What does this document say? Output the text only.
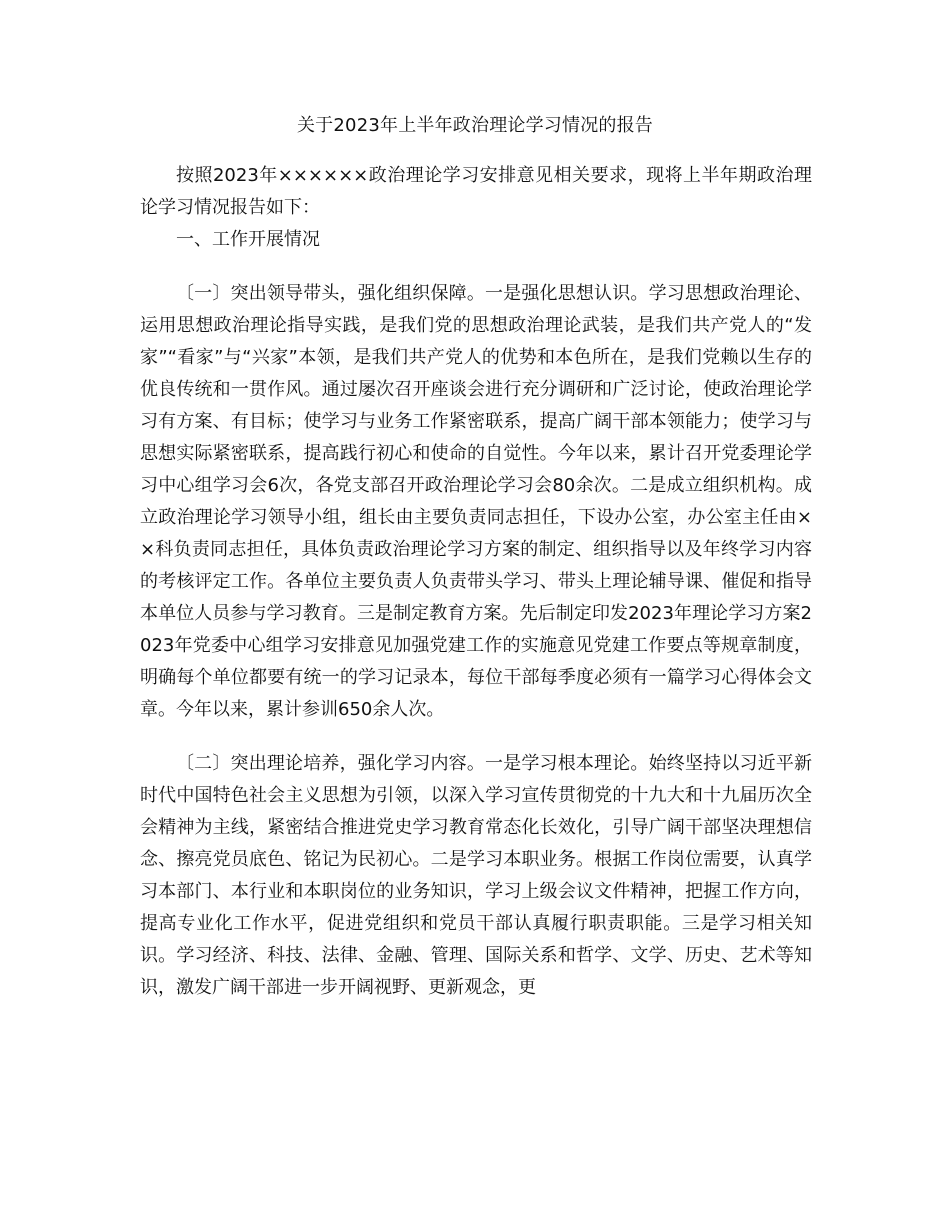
关于2023年上半年政治理论学习情况的报告

按照2023年××××××政治理论学习安排意见相关要求，现将上半年期政治理论学习情况报告如下：

一、工作开展情况

〔一〕突出领导带头，强化组织保障。一是强化思想认识。学习思想政治理论、运用思想政治理论指导实践，是我们党的思想政治理论武装，是我们共产党人的“发家”“看家”与“兴家”本领，是我们共产党人的优势和本色所在，是我们党赖以生存的优良传统和一贯作风。通过屡次召开座谈会进行充分调研和广泛讨论，使政治理论学习有方案、有目标；使学习与业务工作紧密联系，提高广阔干部本领能力；使学习与思想实际紧密联系，提高践行初心和使命的自觉性。今年以来，累计召开党委理论学习中心组学习会6次，各党支部召开政治理论学习会80余次。二是成立组织机构。成立政治理论学习领导小组，组长由主要负责同志担任，下设办公室，办公室主任由××科负责同志担任，具体负责政治理论学习方案的制定、组织指导以及年终学习内容的考核评定工作。各单位主要负责人负责带头学习、带头上理论辅导课、催促和指导本单位人员参与学习教育。三是制定教育方案。先后制定印发2023年理论学习方案2023年党委中心组学习安排意见加强党建工作的实施意见党建工作要点等规章制度，明确每个单位都要有统一的学习记录本，每位干部每季度必须有一篇学习心得体会文章。今年以来，累计参训650余人次。

〔二〕突出理论培养，强化学习内容。一是学习根本理论。始终坚持以习近平新时代中国特色社会主义思想为引领，以深入学习宣传贯彻党的十九大和十九届历次全会精神为主线，紧密结合推进党史学习教育常态化长效化，引导广阔干部坚决理想信念、擦亮党员底色、铭记为民初心。二是学习本职业务。根据工作岗位需要，认真学习本部门、本行业和本职岗位的业务知识，学习上级会议文件精神，把握工作方向，提高专业化工作水平，促进党组织和党员干部认真履行职责职能。三是学习相关知识。学习经济、科技、法律、金融、管理、国际关系和哲学、文学、历史、艺术等知识，激发广阔干部进一步开阔视野、更新观念，更
